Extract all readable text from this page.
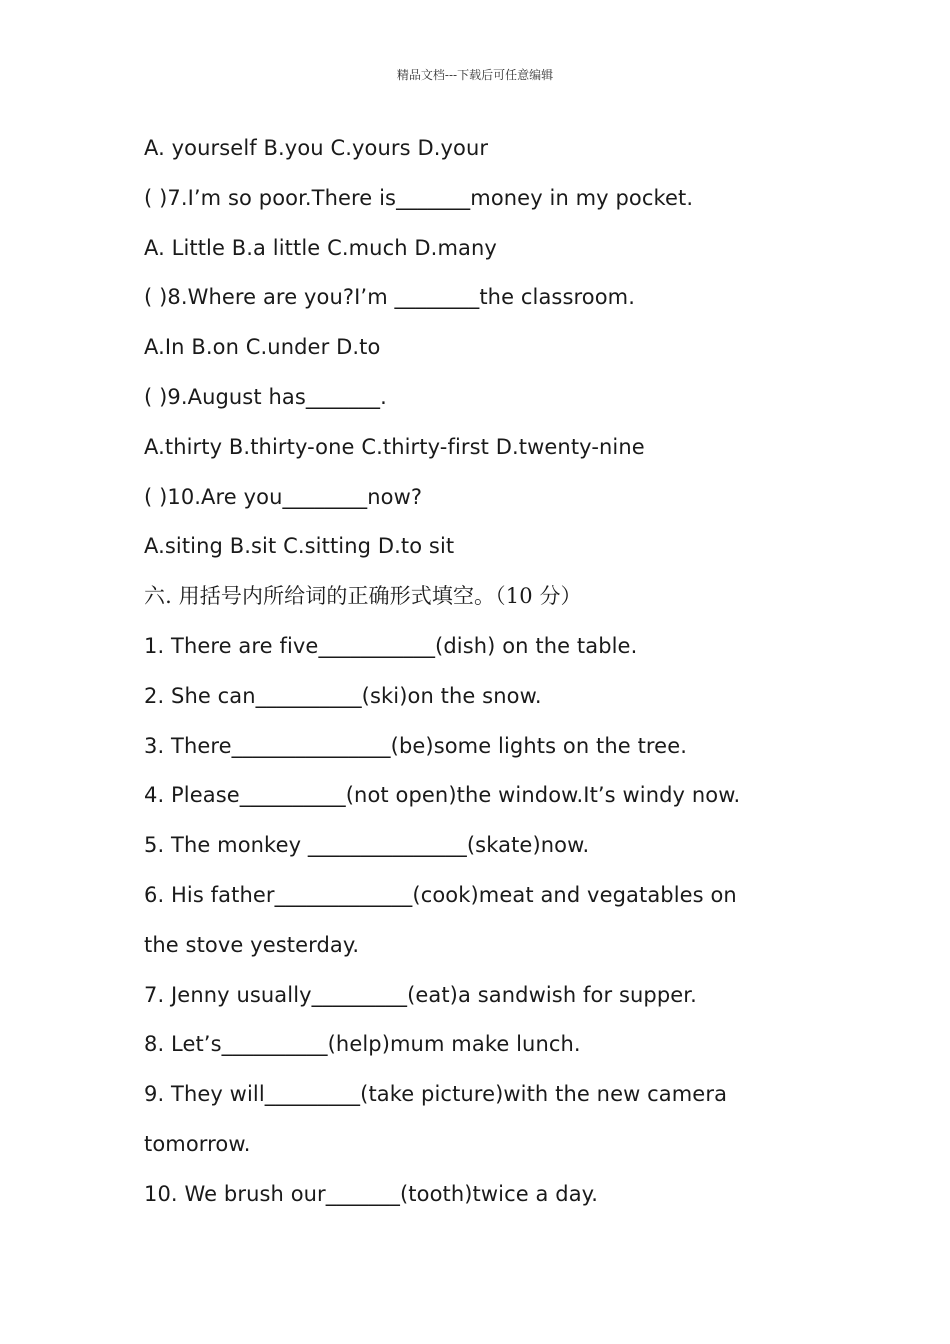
精品文档---下载后可任意编辑
A. yourself B.you C.yours D.your
( )7.I’m so poor.There is_______money in my pocket.
A. Little B.a little C.much D.many
( )8.Where are you?I’m ________the classroom.
A.In B.on C.under D.to
( )9.August has_______.
A.thirty B.thirty-one C.thirty-first D.twenty-nine
( )10.Are you________now?
A.siting B.sit C.sitting D.to sit
六. 用括号内所给词的正确形式填空。（10 分）
1. There are five___________(dish) on the table.
2. She can__________(ski)on the snow.
3. There_______________(be)some lights on the tree.
4. Please__________(not open)the window.It’s windy now.
5. The monkey _______________(skate)now.
6. His father_____________(cook)meat and vegatables on
the stove yesterday.
7. Jenny usually_________(eat)a sandwish for supper.
8. Let’s__________(help)mum make lunch.
9. They will_________(take picture)with the new camera
tomorrow.
10. We brush our_______(tooth)twice a day.
